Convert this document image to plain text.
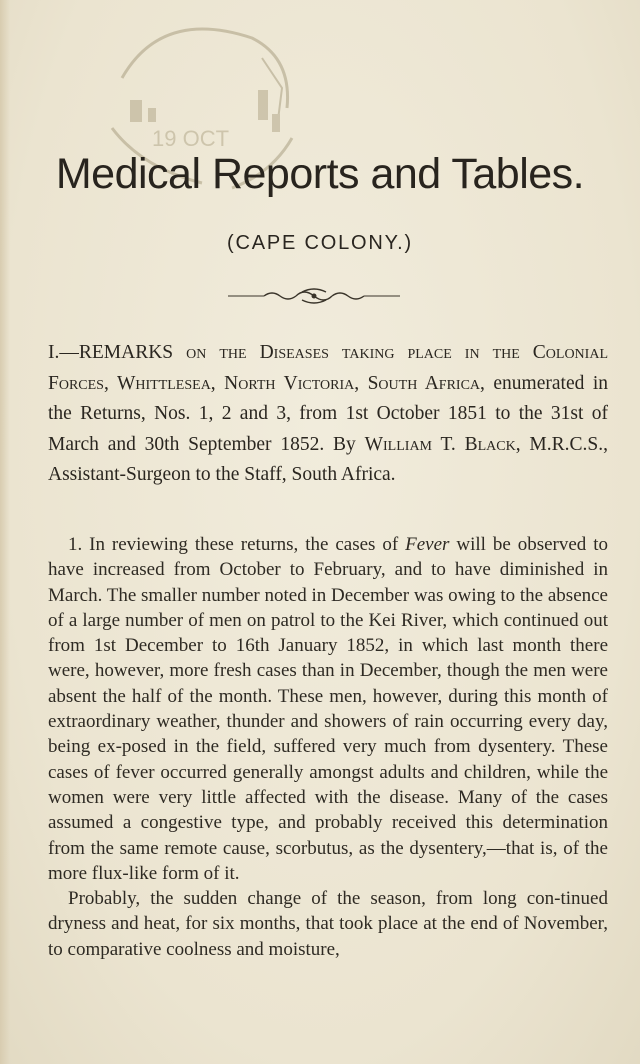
19 OCT
Medical Reports and Tables.
(CAPE COLONY.)
I.—REMARKS on the Diseases taking place in the Colonial Forces, Whittlesea, North Victoria, South Africa, enumerated in the Returns, Nos. 1, 2 and 3, from 1st October 1851 to the 31st of March and 30th September 1852. By William T. Black, M.R.C.S., Assistant-Surgeon to the Staff, South Africa.

1. In reviewing these returns, the cases of Fever will be observed to have increased from October to February, and to have diminished in March. The smaller number noted in December was owing to the absence of a large number of men on patrol to the Kei River, which continued out from 1st December to 16th January 1852, in which last month there were, however, more fresh cases than in December, though the men were absent the half of the month. These men, however, during this month of extraordinary weather, thunder and showers of rain occurring every day, being ex-posed in the field, suffered very much from dysentery. These cases of fever occurred generally amongst adults and children, while the women were very little affected with the disease. Many of the cases assumed a congestive type, and probably received this determination from the same remote cause, scorbutus, as the dysentery,—that is, of the more flux-like form of it.

Probably, the sudden change of the season, from long con-tinued dryness and heat, for six months, that took place at the end of November, to comparative coolness and moisture,
